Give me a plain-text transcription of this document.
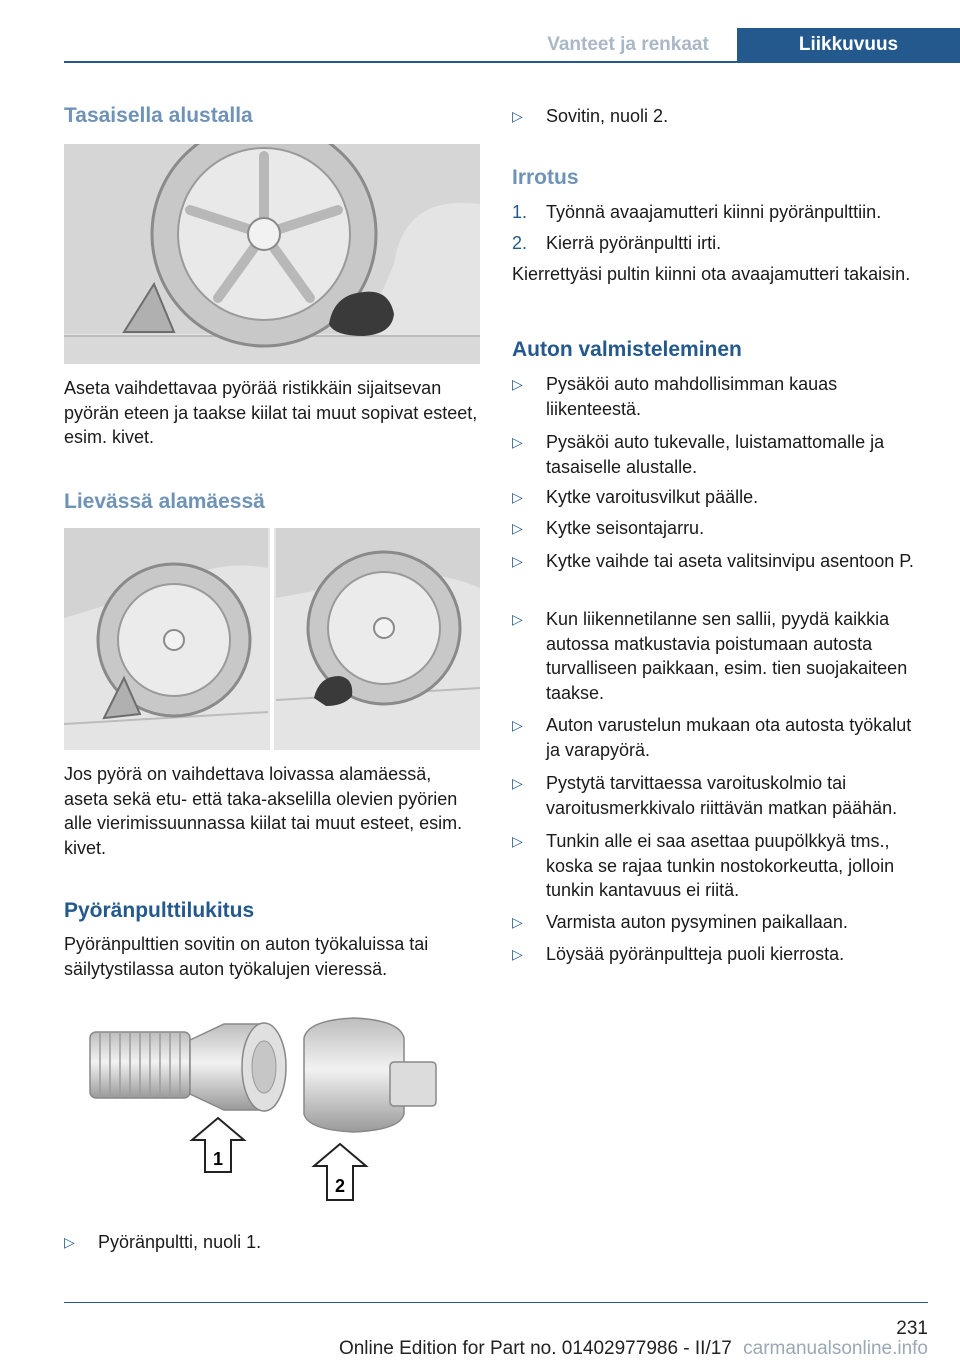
Vanteet ja renkaat	Liikkuvuus
Tasaisella alustalla

Aseta vaihdettavaa pyörää ristikkäin sijaitsevan pyörän eteen ja taakse kiilat tai muut sopivat esteet, esim. kivet.

Lievässä alamäessä

Jos pyörä on vaihdettava loivassa alamäessä, aseta sekä etu- että taka-akselilla olevien pyörien alle vierimissuunnassa kiilat tai muut esteet, esim. kivet.

Pyöränpulttilukitus

Pyöränpulttien sovitin on auton työkaluissa tai säilytystilassa auton työkalujen vieressä.

1
2
▷ Pyöränpultti, nuoli 1.
▷ Sovitin, nuoli 2.
Irrotus
1. Työnnä avaajamutteri kiinni pyöränpulttiin.
2. Kierrä pyöränpultti irti.

Kierrettyäsi pultin kiinni ota avaajamutteri takaisin.

Auton valmisteleminen
▷ Pysäköi auto mahdollisimman kauas liikenteestä.
▷ Pysäköi auto tukevalle, luistamattomalle ja tasaiselle alustalle.
▷ Kytke varoitusvilkut päälle.
▷ Kytke seisontajarru.
▷ Kytke vaihde tai aseta valitsinvipu asentoon P.
▷ Kun liikennetilanne sen sallii, pyydä kaikkia autossa matkustavia poistumaan autosta turvalliseen paikkaan, esim. tien suojakaiteen taakse.
▷ Auton varustelun mukaan ota autosta työkalut ja varapyörä.
▷ Pystytä tarvittaessa varoituskolmio tai varoitusmerkkivalo riittävän matkan päähän.
▷ Tunkin alle ei saa asettaa puupölkkyä tms., koska se rajaa tunkin nostokorkeutta, jolloin tunkin kantavuus ei riitä.
▷ Varmista auton pysyminen paikallaan.
▷ Löysää pyöränpultteja puoli kierrosta.
231
Online Edition for Part no. 01402977986 - II/17 carmanualsonline.info
